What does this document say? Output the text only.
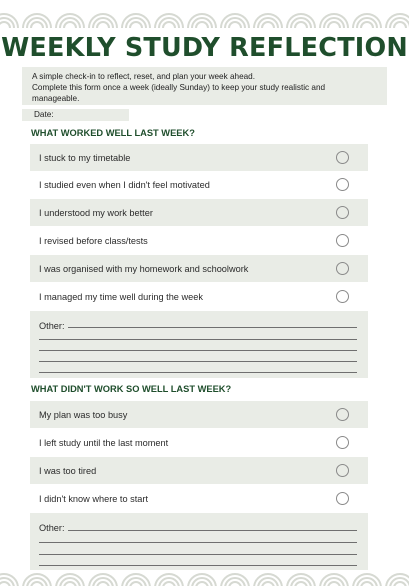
WEEKLY STUDY REFLECTION
A simple check-in to reflect, reset, and plan your week ahead.
Complete this form once a week (ideally Sunday) to keep your study realistic and manageable.
Date:
WHAT WORKED WELL LAST WEEK?
I stuck to my timetable
I studied even when I didn't feel motivated
I understood my work better
I revised before class/tests
I was organised with my homework and schoolwork
I managed my time well during the week
Other:
WHAT DIDN'T WORK SO WELL LAST WEEK?
My plan was too busy
I left study until the last moment
I was too tired
I didn't know where to start
Other:
